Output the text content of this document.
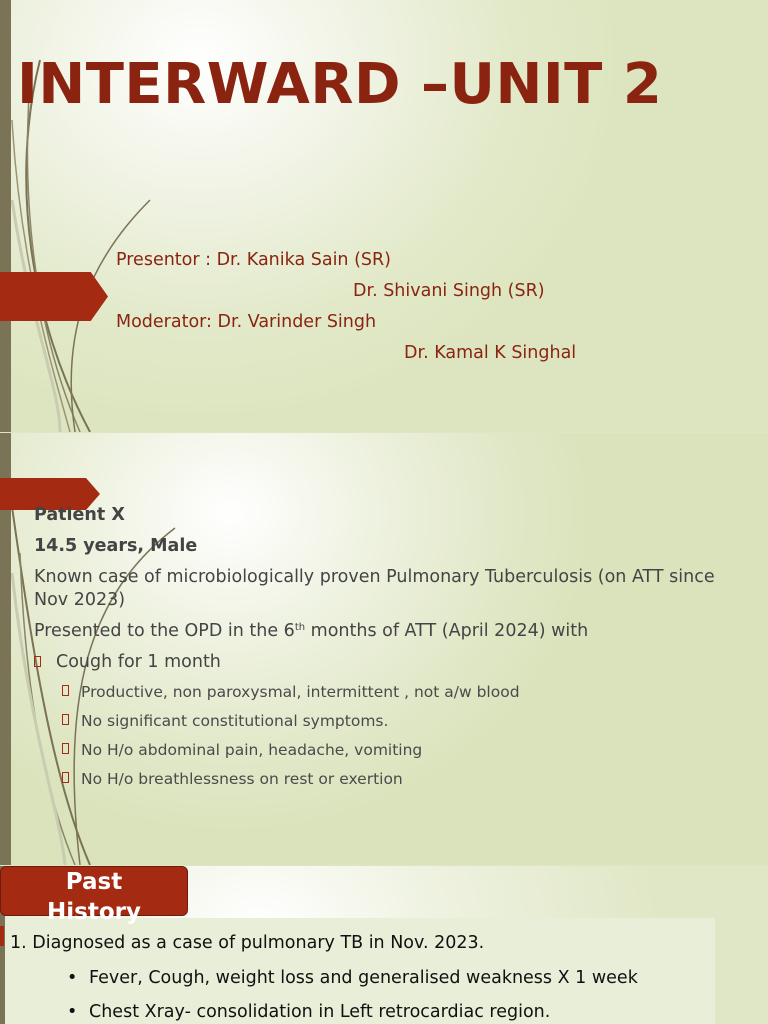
INTERWARD –UNIT 2

Presentor : Dr. Kanika Sain (SR)

Dr. Shivani Singh (SR)

Moderator: Dr. Varinder Singh

Dr. Kamal K Singhal

Patient X

14.5 years, Male

Known case of microbiologically proven Pulmonary Tuberculosis (on ATT since Nov 2023)

Presented to the OPD in the 6th months of ATT (April 2024) with

Cough for 1 month
Productive, non paroxysmal, intermittent , not a/w blood
No significant constitutional symptoms.
No H/o abdominal pain, headache, vomiting
No H/o breathlessness on rest or exertion
Past
History

1. Diagnosed as a case of pulmonary TB in Nov. 2023.

• Fever, Cough, weight loss and generalised weakness X 1 week

• Chest Xray- consolidation in Left retrocardiac region.
